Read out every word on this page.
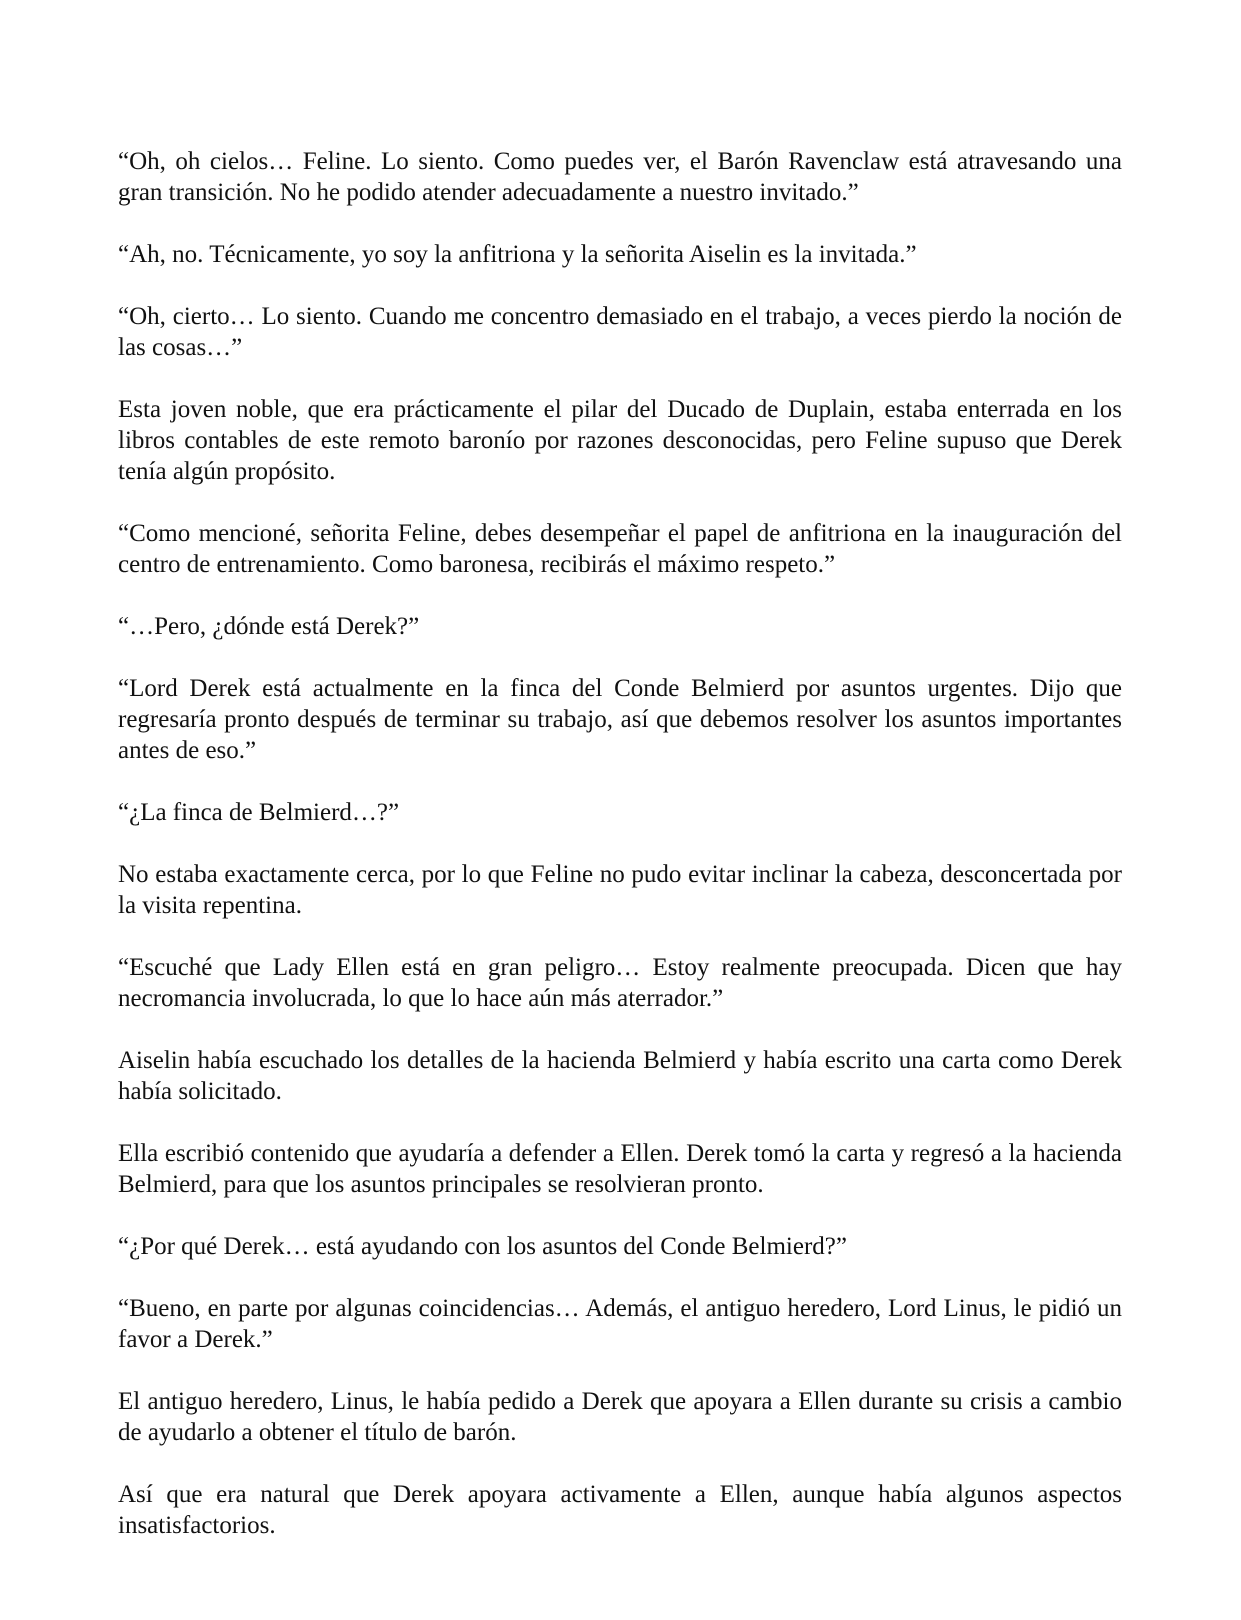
“Oh, oh cielos… Feline. Lo siento. Como puedes ver, el Barón Ravenclaw está atravesando una gran transición. No he podido atender adecuadamente a nuestro invitado.”

“Ah, no. Técnicamente, yo soy la anfitriona y la señorita Aiselin es la invitada.”

“Oh, cierto… Lo siento. Cuando me concentro demasiado en el trabajo, a veces pierdo la noción de las cosas…”

Esta joven noble, que era prácticamente el pilar del Ducado de Duplain, estaba enterrada en los libros contables de este remoto baronío por razones desconocidas, pero Feline supuso que Derek tenía algún propósito.

“Como mencioné, señorita Feline, debes desempeñar el papel de anfitriona en la inauguración del centro de entrenamiento. Como baronesa, recibirás el máximo respeto.”

“…Pero, ¿dónde está Derek?”

“Lord Derek está actualmente en la finca del Conde Belmierd por asuntos urgentes. Dijo que regresaría pronto después de terminar su trabajo, así que debemos resolver los asuntos importantes antes de eso.”

“¿La finca de Belmierd…?”

No estaba exactamente cerca, por lo que Feline no pudo evitar inclinar la cabeza, desconcertada por la visita repentina.

“Escuché que Lady Ellen está en gran peligro… Estoy realmente preocupada. Dicen que hay necromancia involucrada, lo que lo hace aún más aterrador.”

Aiselin había escuchado los detalles de la hacienda Belmierd y había escrito una carta como Derek había solicitado.

Ella escribió contenido que ayudaría a defender a Ellen. Derek tomó la carta y regresó a la hacienda Belmierd, para que los asuntos principales se resolvieran pronto.

“¿Por qué Derek… está ayudando con los asuntos del Conde Belmierd?”

“Bueno, en parte por algunas coincidencias… Además, el antiguo heredero, Lord Linus, le pidió un favor a Derek.”

El antiguo heredero, Linus, le había pedido a Derek que apoyara a Ellen durante su crisis a cambio de ayudarlo a obtener el título de barón.

Así que era natural que Derek apoyara activamente a Ellen, aunque había algunos aspectos insatisfactorios.
